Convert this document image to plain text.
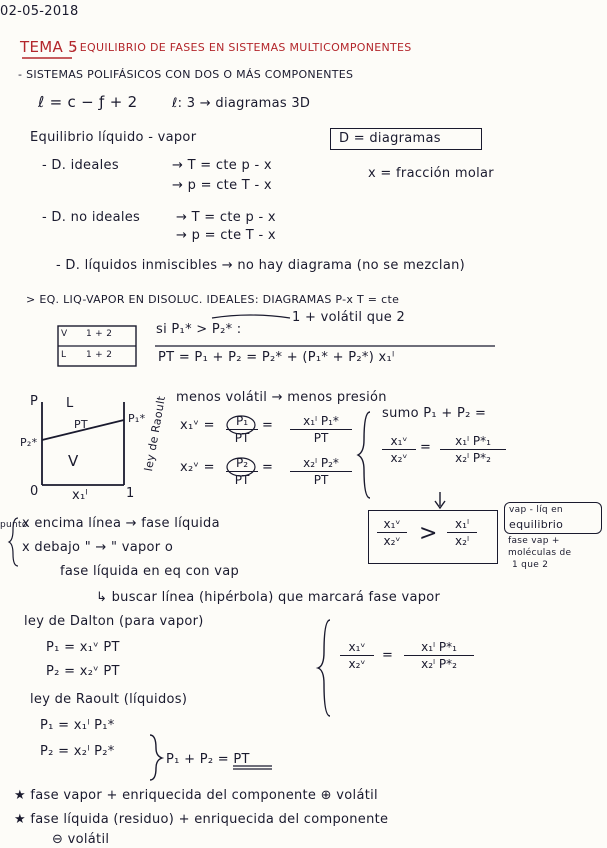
02-05-2018
TEMA 5
: EQUILIBRIO DE FASES EN SISTEMAS MULTICOMPONENTES
- SISTEMAS POLIFÁSICOS CON DOS O MÁS COMPONENTES
ℓ = c − ƒ + 2	ℓ: 3 → diagramas 3D
Equilibrio líquido - vapor	D = diagramas
- D. ideales	→ T = cte p - x
→ p = cte T - x
x = fracción molar
- D. no ideales	→ T = cte p - x
→ p = cte T - x
- D. líquidos inmiscibles → no hay diagrama (no se mezclan)
> EQ. LIQ-VAPOR EN DISOLUC. IDEALES: DIAGRAMAS P-x T = cte
V 1 + 2
L 1 + 2
si P₁* > P₂* :
1 + volátil que 2
PT = P₁ + P₂ = P₂* + (P₁* + P₂*) x₁ˡ
P L
PT	P₁*
P₂*
V
0	1
x₁ˡ
ley de Raoult menos volátil → menos presión
x₁ᵛ =	P₁
PT
=	x₁ˡ P₁*
PT
x₂ᵛ =	P₂
PT
=	x₂ˡ P₂*
PT
sumo P₁ + P₂ =
x₁ᵛ
x₂ᵛ
=	x₁ˡ P*₁
x₂ˡ P*₂
punto
x encima línea → fase líquida
x debajo " → " vapor o
fase líquida en eq con vap
↳ buscar línea (hipérbola) que marcará fase vapor
x₁ᵛ
x₂ᵛ >	x₁ˡ
x₂ˡ
vap - líq en
equilibrio
fase vap +
moléculas de
1 que 2
ley de Dalton (para vapor)
P₁ = x₁ᵛ PT
P₂ = x₂ᵛ PT
ley de Raoult (líquidos)
P₁ = x₁ˡ P₁*
P₂ = x₂ˡ P₂*
P₁ + P₂ = PT
x₁ᵛ
x₂ᵛ
=
x₁ˡ P*₁
x₂ˡ P*₂
★ fase vapor + enriquecida del componente ⊕ volátil
★ fase líquida (residuo) + enriquecida del componente
⊖ volátil
